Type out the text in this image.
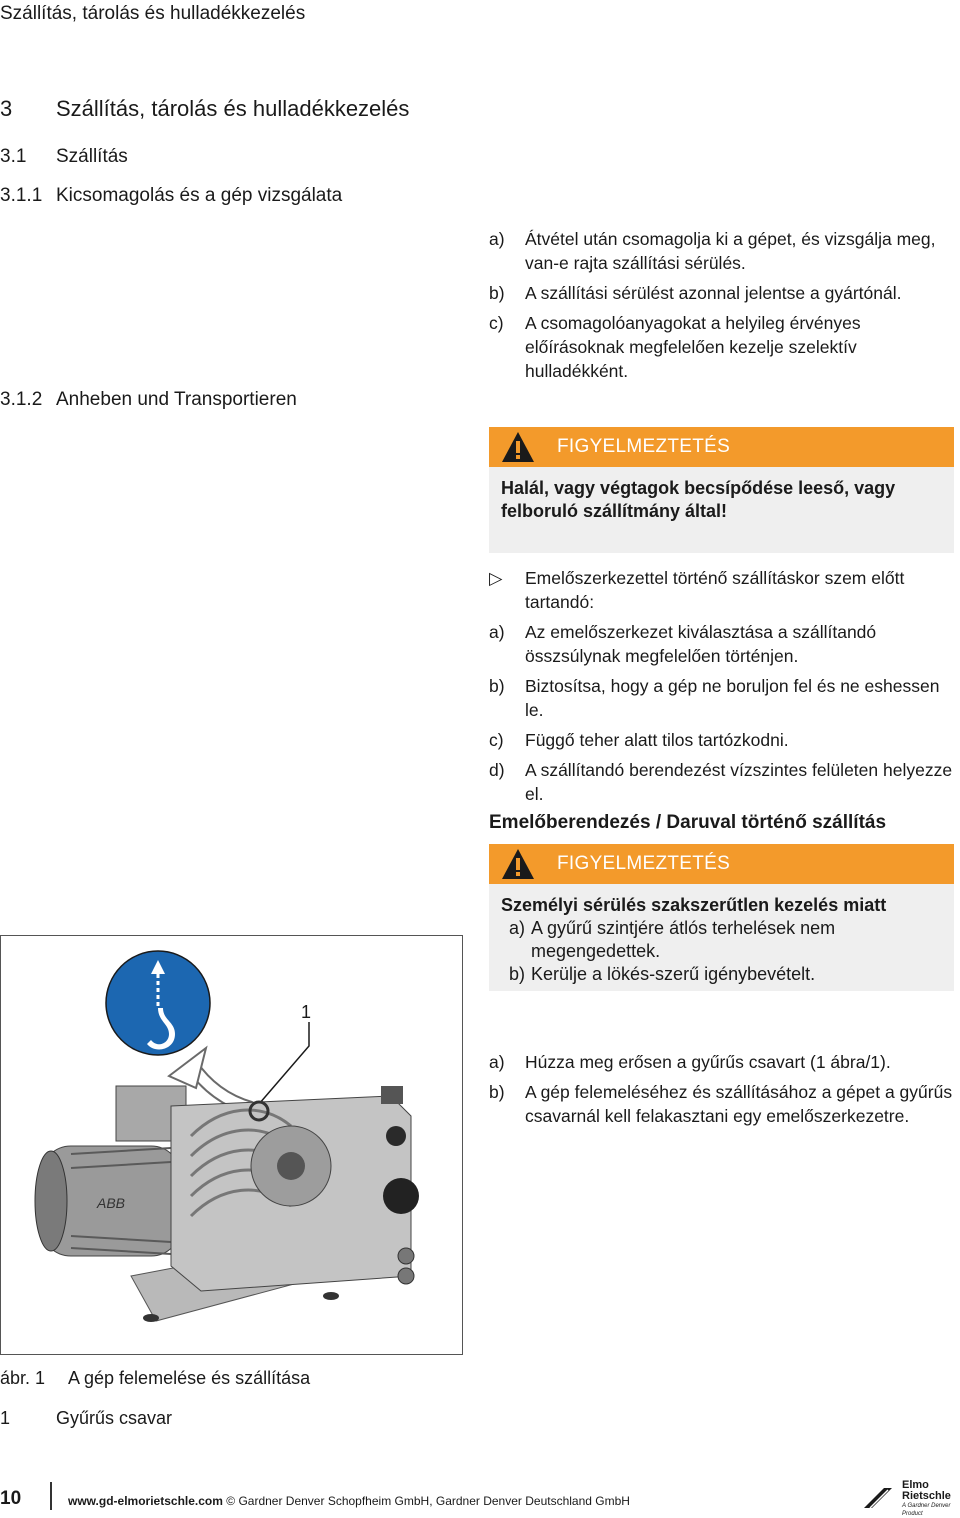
Szállítás, tárolás és hulladékkezelés
3 Szállítás, tárolás és hulladékkezelés
3.1 Szállítás
3.1.1 Kicsomagolás és a gép vizsgálata
3.1.2 Anheben und Transportieren
a)	Átvétel után csomagolja ki a gépet, és vizsgálja meg, van-e rajta szállítási sérülés.
b)	A szállítási sérülést azonnal jelentse a gyártónál.
c)	A csomagolóanyagokat a helyileg érvényes előírásoknak megfelelően kezelje szelektív hulladékként.
FIGYELMEZTETÉS
Halál, vagy végtagok becsípődése leeső, vagy felboruló szállítmány által!
▷	Emelőszerkezettel történő szállításkor szem előtt tartandó:
a)	Az emelőszerkezet kiválasztása a szállítandó összsúlynak megfelelően történjen.
b)	Biztosítsa, hogy a gép ne boruljon fel és ne eshessen le.
c)	Függő teher alatt tilos tartózkodni.
d)	A szállítandó berendezést vízszintes felületen helyezze el.
Emelőberendezés / Daruval történő szállítás
FIGYELMEZTETÉS
Személyi sérülés szakszerűtlen kezelés miatt
a) A gyűrű szintjére átlós terhelések nem megengedettek.
b) Kerülje a lökés-szerű igénybevételt.
a)	Húzza meg erősen a gyűrűs csavart (1 ábra/1).
b)	A gép felemeléséhez és szállításához a gépet a gyűrűs csavarnál kell felakasztani egy emelőszerkezetre.
ABB
1
ábr. 1 A gép felemelése és szállítása
1	Gyűrűs csavar
10	www.gd-elmorietschle.com © Gardner Denver Schopfheim GmbH, Gardner Denver Deutschland GmbH
Elmo
Rietschle
A Gardner Denver Product
